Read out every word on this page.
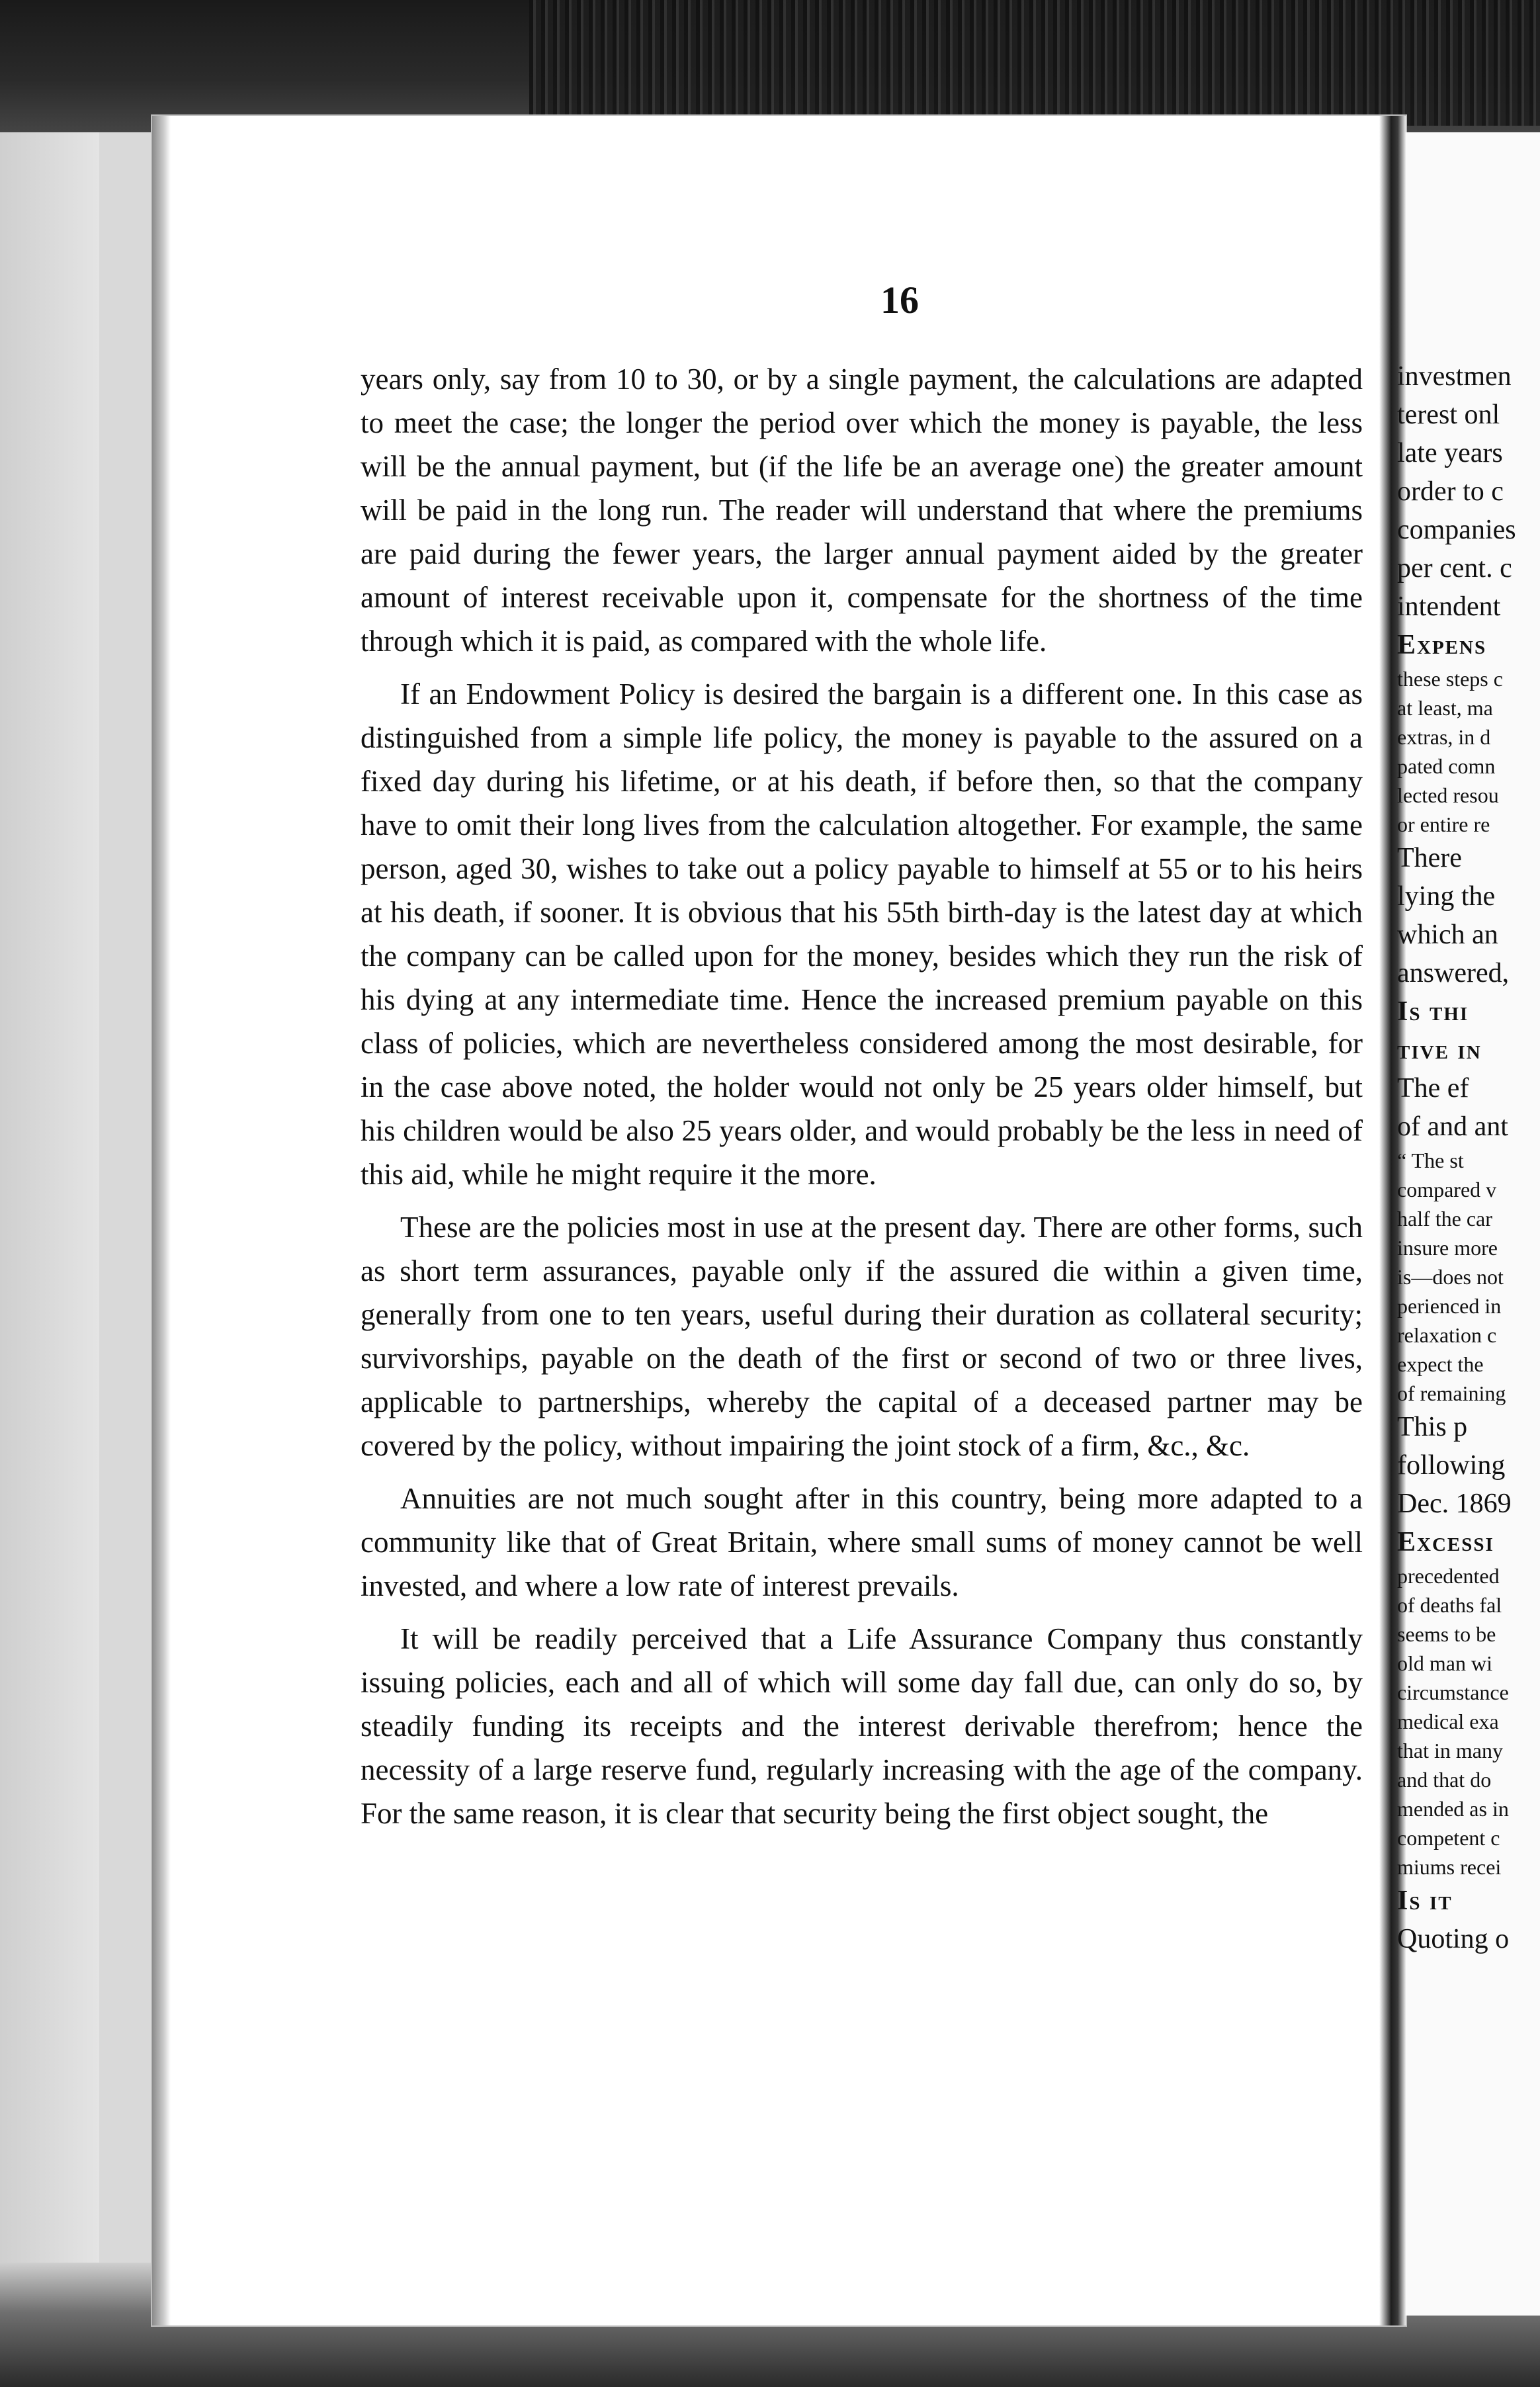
16

years only, say from 10 to 30, or by a single payment, the calculations are adapted to meet the case; the longer the period over which the money is payable, the less will be the annual payment, but (if the life be an average one) the greater amount will be paid in the long run. The reader will understand that where the premiums are paid during the fewer years, the larger annual payment aided by the greater amount of interest receivable upon it, compensate for the shortness of the time through which it is paid, as compared with the whole life.

If an Endowment Policy is desired the bargain is a different one. In this case as distinguished from a simple life policy, the money is payable to the assured on a fixed day during his lifetime, or at his death, if before then, so that the company have to omit their long lives from the calculation altogether. For example, the same person, aged 30, wishes to take out a policy payable to himself at 55 or to his heirs at his death, if sooner. It is obvious that his 55th birth-day is the latest day at which the company can be called upon for the money, besides which they run the risk of his dying at any intermediate time. Hence the increased premium payable on this class of policies, which are nevertheless considered among the most desirable, for in the case above noted, the holder would not only be 25 years older himself, but his children would be also 25 years older, and would probably be the less in need of this aid, while he might require it the more.

These are the policies most in use at the present day. There are other forms, such as short term assurances, payable only if the assured die within a given time, generally from one to ten years, useful during their duration as collateral security; survivorships, payable on the death of the first or second of two or three lives, applicable to partnerships, whereby the capital of a deceased partner may be covered by the policy, without impairing the joint stock of a firm, &c., &c.

Annuities are not much sought after in this country, being more adapted to a community like that of Great Britain, where small sums of money cannot be well invested, and where a low rate of interest prevails.

It will be readily perceived that a Life Assurance Company thus constantly issuing policies, each and all of which will some day fall due, can only do so, by steadily funding its receipts and the interest derivable therefrom; hence the necessity of a large reserve fund, regularly increasing with the age of the company. For the same reason, it is clear that security being the first object sought, the

investmen
terest onl
late years
order to c
companies
per cent. c
intendent
Expens
these steps c
at least, ma
extras, in d
pated comn
lected resou
or entire re
There
lying the
which an
answered,
Is thi
tive in
The ef
of and ant
“ The st
compared v
half the car
insure more
is—does not
perienced in
relaxation c
expect the
of remaining
This p
following
Dec. 1869
Excessi
precedented
of deaths fal
seems to be
old man wi
circumstance
medical exa
that in many
and that do
mended as in
competent c
miums recei
Is it
Quoting o
